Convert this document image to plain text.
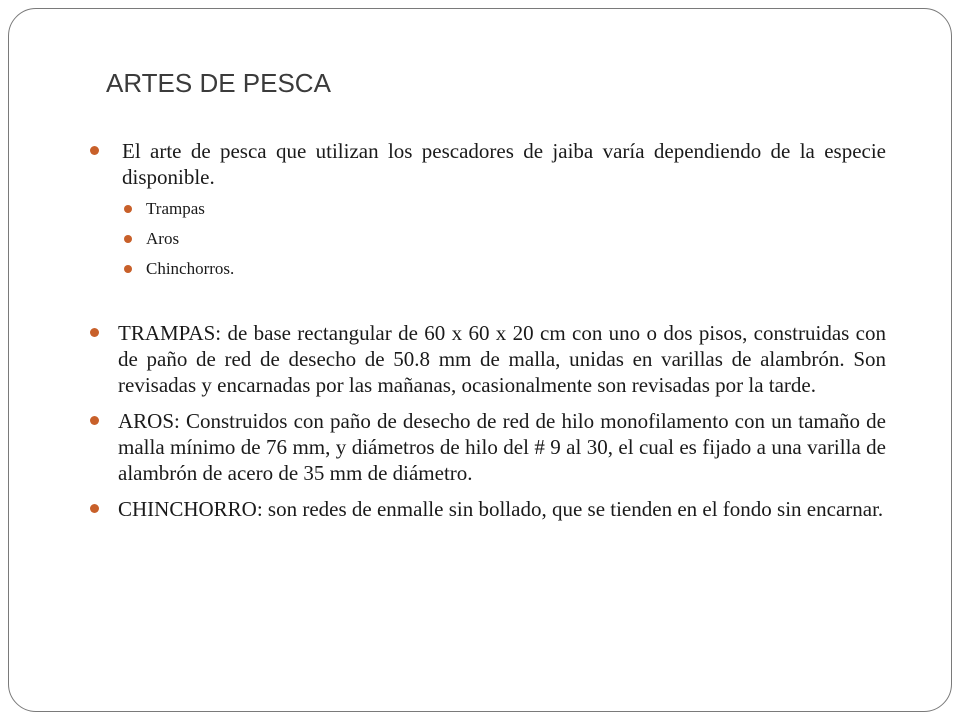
ARTES DE PESCA
El arte de pesca que utilizan los pescadores de jaiba varía dependiendo de la especie disponible.
Trampas
Aros
Chinchorros.
TRAMPAS: de base rectangular de 60 x 60 x 20 cm con uno o dos pisos, construidas con de paño de red de desecho de 50.8 mm de malla, unidas en varillas de alambrón. Son revisadas y encarnadas por las mañanas, ocasionalmente son revisadas por la tarde.
AROS: Construidos con paño de desecho de red de hilo monofilamento con un tamaño de malla mínimo de 76 mm, y diámetros de hilo del # 9 al 30, el cual es fijado a una varilla de alambrón de acero de 35 mm de diámetro.
CHINCHORRO: son redes de enmalle sin bollado, que se tienden en el fondo sin encarnar.
